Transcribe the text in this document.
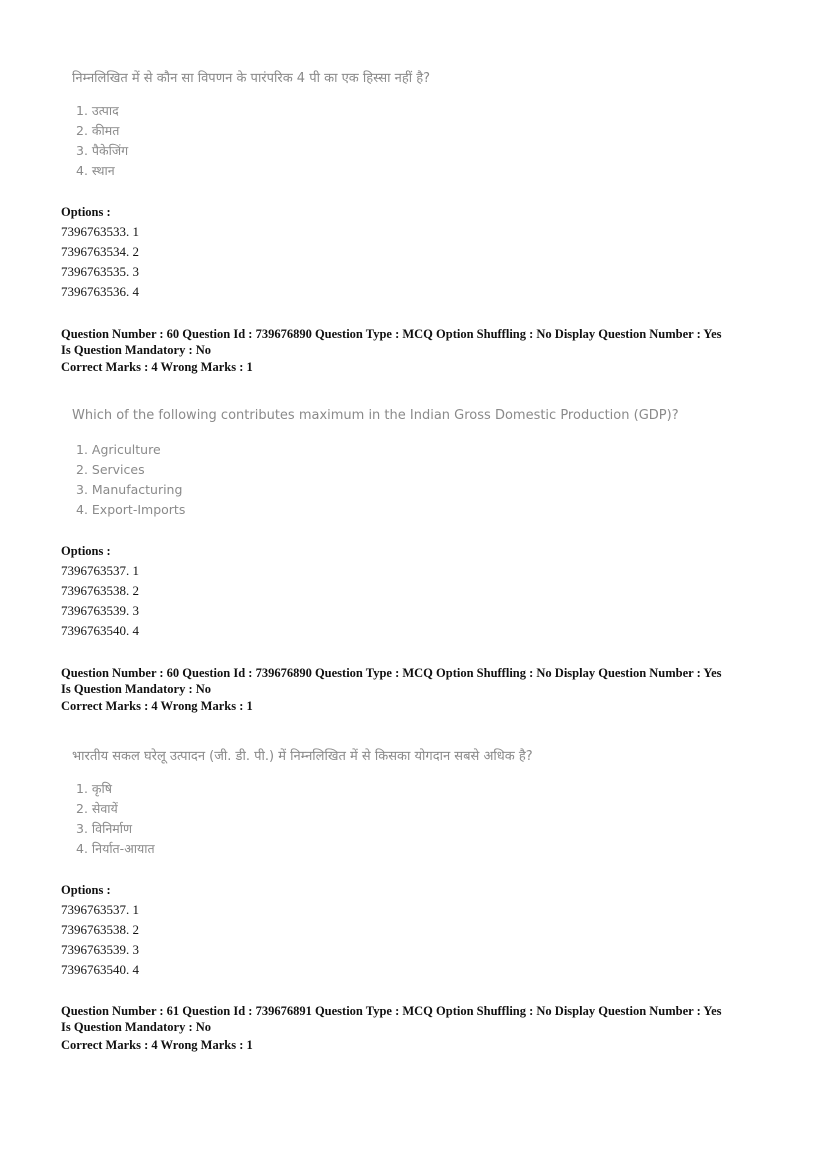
निम्नलिखित में से कौन सा विपणन के पारंपरिक 4 पी का एक हिस्सा नहीं है?
1. उत्पाद
2. कीमत
3. पैकेजिंग
4. स्थान
Options :
7396763533. 1
7396763534. 2
7396763535. 3
7396763536. 4
Question Number : 60 Question Id : 739676890 Question Type : MCQ Option Shuffling : No Display Question Number : Yes
Is Question Mandatory : No
Correct Marks : 4 Wrong Marks : 1
Which of the following contributes maximum in the Indian Gross Domestic Production (GDP)?
1. Agriculture
2. Services
3. Manufacturing
4. Export-Imports
Options :
7396763537. 1
7396763538. 2
7396763539. 3
7396763540. 4
Question Number : 60 Question Id : 739676890 Question Type : MCQ Option Shuffling : No Display Question Number : Yes
Is Question Mandatory : No
Correct Marks : 4 Wrong Marks : 1
भारतीय सकल घरेलू उत्पादन (जी. डी. पी.) में निम्नलिखित में से किसका योगदान सबसे अधिक है?
1. कृषि
2. सेवायें
3. विनिर्माण
4. निर्यात-आयात
Options :
7396763537. 1
7396763538. 2
7396763539. 3
7396763540. 4
Question Number : 61 Question Id : 739676891 Question Type : MCQ Option Shuffling : No Display Question Number : Yes
Is Question Mandatory : No
Correct Marks : 4 Wrong Marks : 1
